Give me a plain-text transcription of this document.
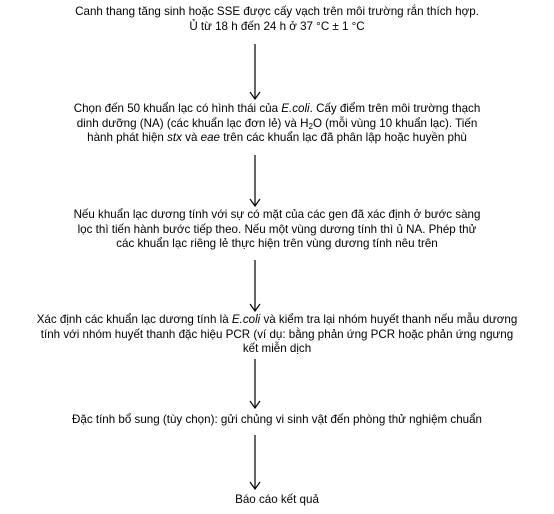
Canh thang tăng sinh hoặc SSE được cấy vạch trên môi trường rắn thích hợp.

Ủ từ 18 h đến 24 h ở 37 °C ± 1 °C

Chọn đến 50 khuẩn lạc có hình thái của E.coli. Cấy điểm trên môi trường thạch

dinh dưỡng (NA) (các khuẩn lạc đơn lẻ) và $H_2O$ (mỗi vùng 10 khuẩn lạc). Tiến

hành phát hiện stx và eae trên các khuẩn lạc đã phân lập hoặc huyền phù

Nếu khuẩn lạc dương tính với sự có mặt của các gen đã xác định ở bước sàng

lọc thì tiến hành bước tiếp theo. Nếu một vùng dương tính thì ủ NA. Phép thử

các khuẩn lạc riêng lẻ thực hiện trên vùng dương tính nêu trên

Xác định các khuẩn lạc dương tính là E.coli và kiểm tra lại nhóm huyết thanh nếu mẫu dương

tính với nhóm huyết thanh đặc hiệu PCR (ví dụ: bằng phản ứng PCR hoặc phản ứng ngưng

kết miễn dịch

Đặc tính bổ sung (tùy chọn): gửi chủng vi sinh vật đến phòng thử nghiệm chuẩn

Báo cáo kết quả
